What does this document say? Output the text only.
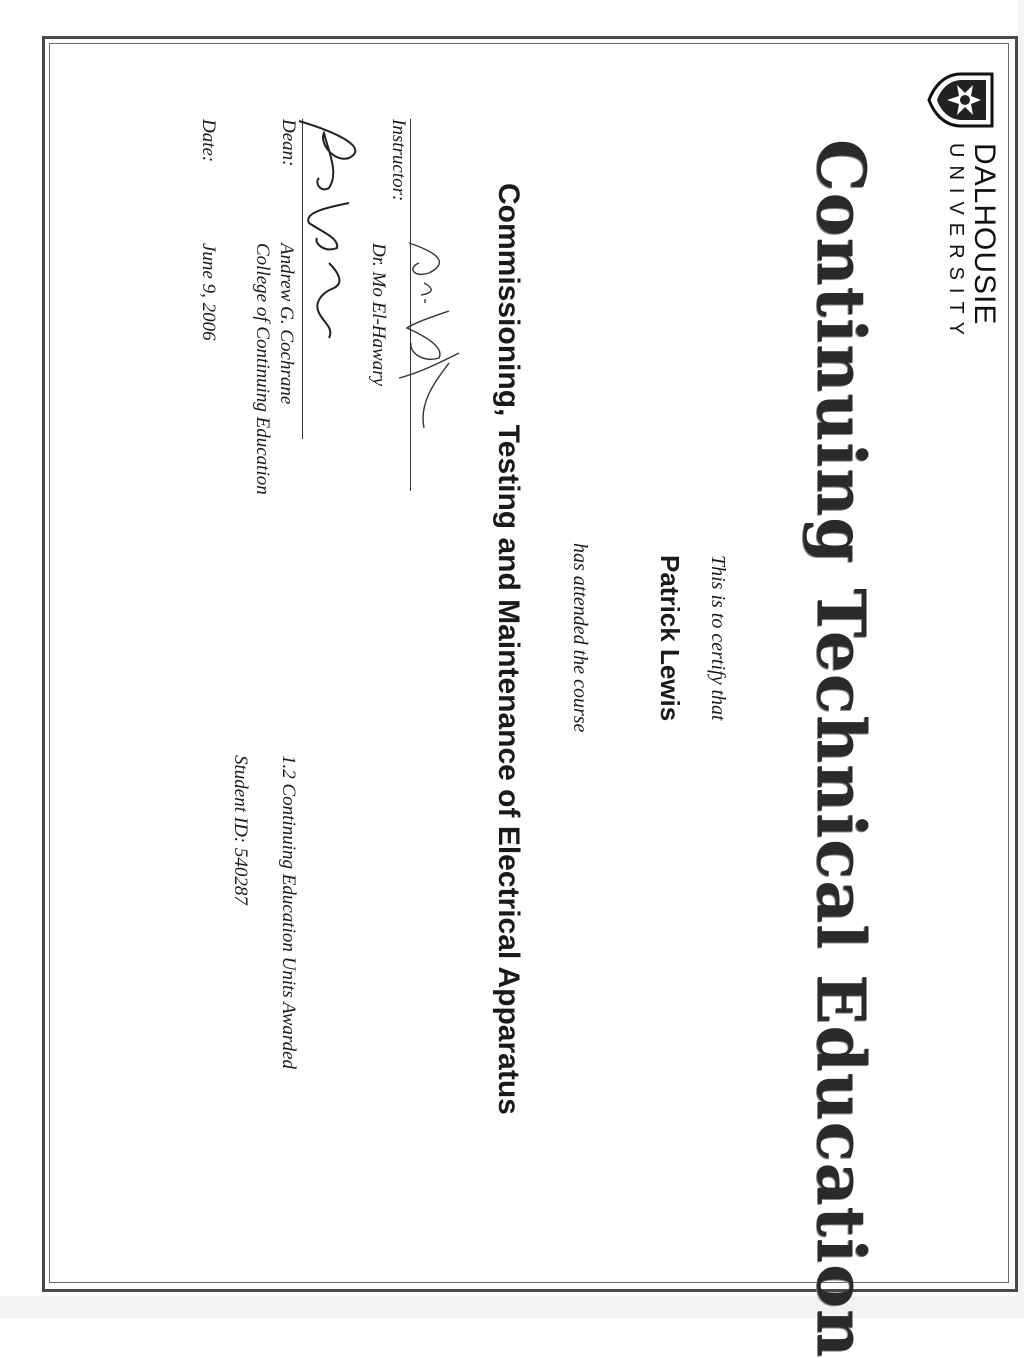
DALHOUSIE
UNIVERSITY
Continuing Technical Education
This is to certify that
Patrick Lewis
has attended the course
Commissioning, Testing and Maintenance of Electrical Apparatus
Instructor:
Dr. Mo El-Hawary
Dean:
Andrew G. Cochrane
College of Continuing Education
Date:
June 9, 2006
1.2 Continuing Education Units Awarded
Student ID: 540287
